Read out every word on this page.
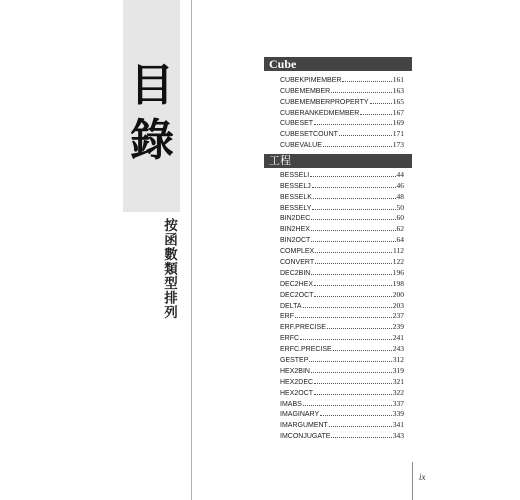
目
錄
按函數類型排列
Cube
CUBEKPIMEMBER	161
CUBEMEMBER	163
CUBEMEMBERPROPERTY	165
CUBERANKEDMEMBER	167
CUBESET	169
CUBESETCOUNT	171
CUBEVALUE	173
工程
BESSELI	44
BESSELJ	46
BESSELK	48
BESSELY	50
BIN2DEC	60
BIN2HEX	62
BIN2OCT	64
COMPLEX	112
CONVERT	122
DEC2BIN	196
DEC2HEX	198
DEC2OCT	200
DELTA	203
ERF	237
ERF.PRECISE	239
ERFC	241
ERFC.PRECISE	243
GESTEP	312
HEX2BIN	319
HEX2DEC	321
HEX2OCT	322
IMABS	337
IMAGINARY	339
IMARGUMENT	341
IMCONJUGATE	343
ix
